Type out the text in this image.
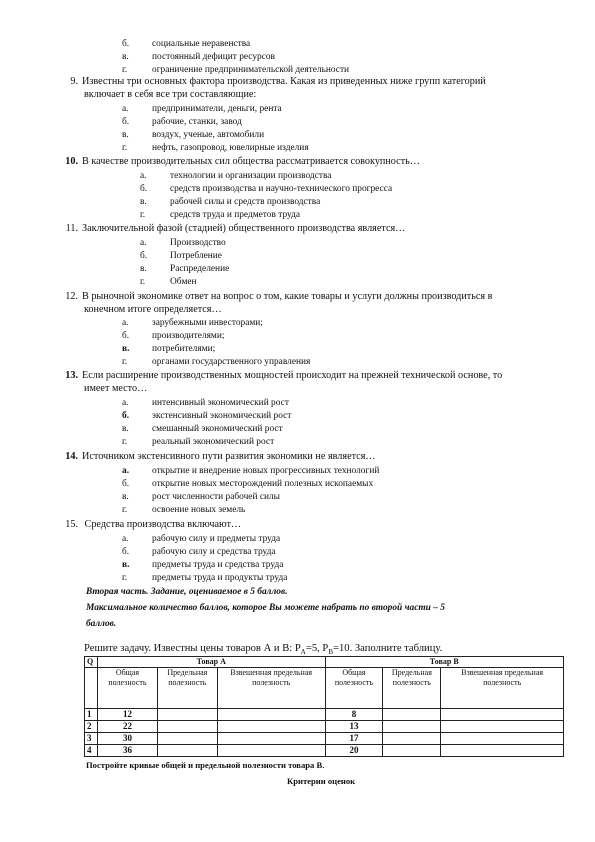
б. социальные неравенства
в. постоянный дефицит ресурсов
г.	ограничение предпринимательской деятельности
9. Известны три основных фактора производства. Какая из приведенных ниже групп категорий
включает в себя все три составляющие:
а. предприниматели, деньги, рента
б. рабочие, станки, завод
в. воздух, ученые, автомобили
г.	нефть, газопровод, ювелирные изделия
10. В качестве производительных сил общества рассматривается совокупность…
а. технологии и организации производства
б. средств производства и научно-технического прогресса
в. рабочей силы и средств производства
г.	средств труда и предметов труда
11. Заключительной фазой (стадией) общественного производства является…
а. Производство
б. Потребление
в. Распределение
г.	Обмен
12. В рыночной экономике ответ на вопрос о том, какие товары и услуги должны производиться в
конечном итоге определяется…
а. зарубежными инвесторами;
б. производителями;
в. потребителями;
г.	органами государственного управления
13. Если расширение производственных мощностей происходит на прежней технической основе, то
имеет место…
а. интенсивный экономический рост
б. экстенсивный экономический рост
в. смешанный экономический рост
г.	реальный экономический рост
14. Источником экстенсивного пути развития экономики не является…
а. открытие и внедрение новых прогрессивных технологий
б. открытие новых месторождений полезных ископаемых
в. рост численности рабочей силы
г.	освоение новых земель
15. Средства производства включают…
а. рабочую силу и предметы труда
б. рабочую силу и средства труда
в. предметы труда и средства труда
г.	предметы труда и продукты труда
Вторая часть. Задание, оцениваемое в 5 баллов.
Максимальное количество баллов, которое Вы можете набрать по второй части – 5
баллов.
Решите задачу. Известны цены товаров А и В: $P_A=5$, $P_B=10$. Заполните таблицу.
Q	Товар А			Товар В		
	Общая полезность	Предельная полезность	Взвешенная предельная полезность	Общая полезность	Предельная полезность	Взвешенная предельная полезность
1	12			8		
2	22			13		
3	30			17		
4	36			20		
Постройте кривые общей и предельной полезности товара В.
Критерии оценок
